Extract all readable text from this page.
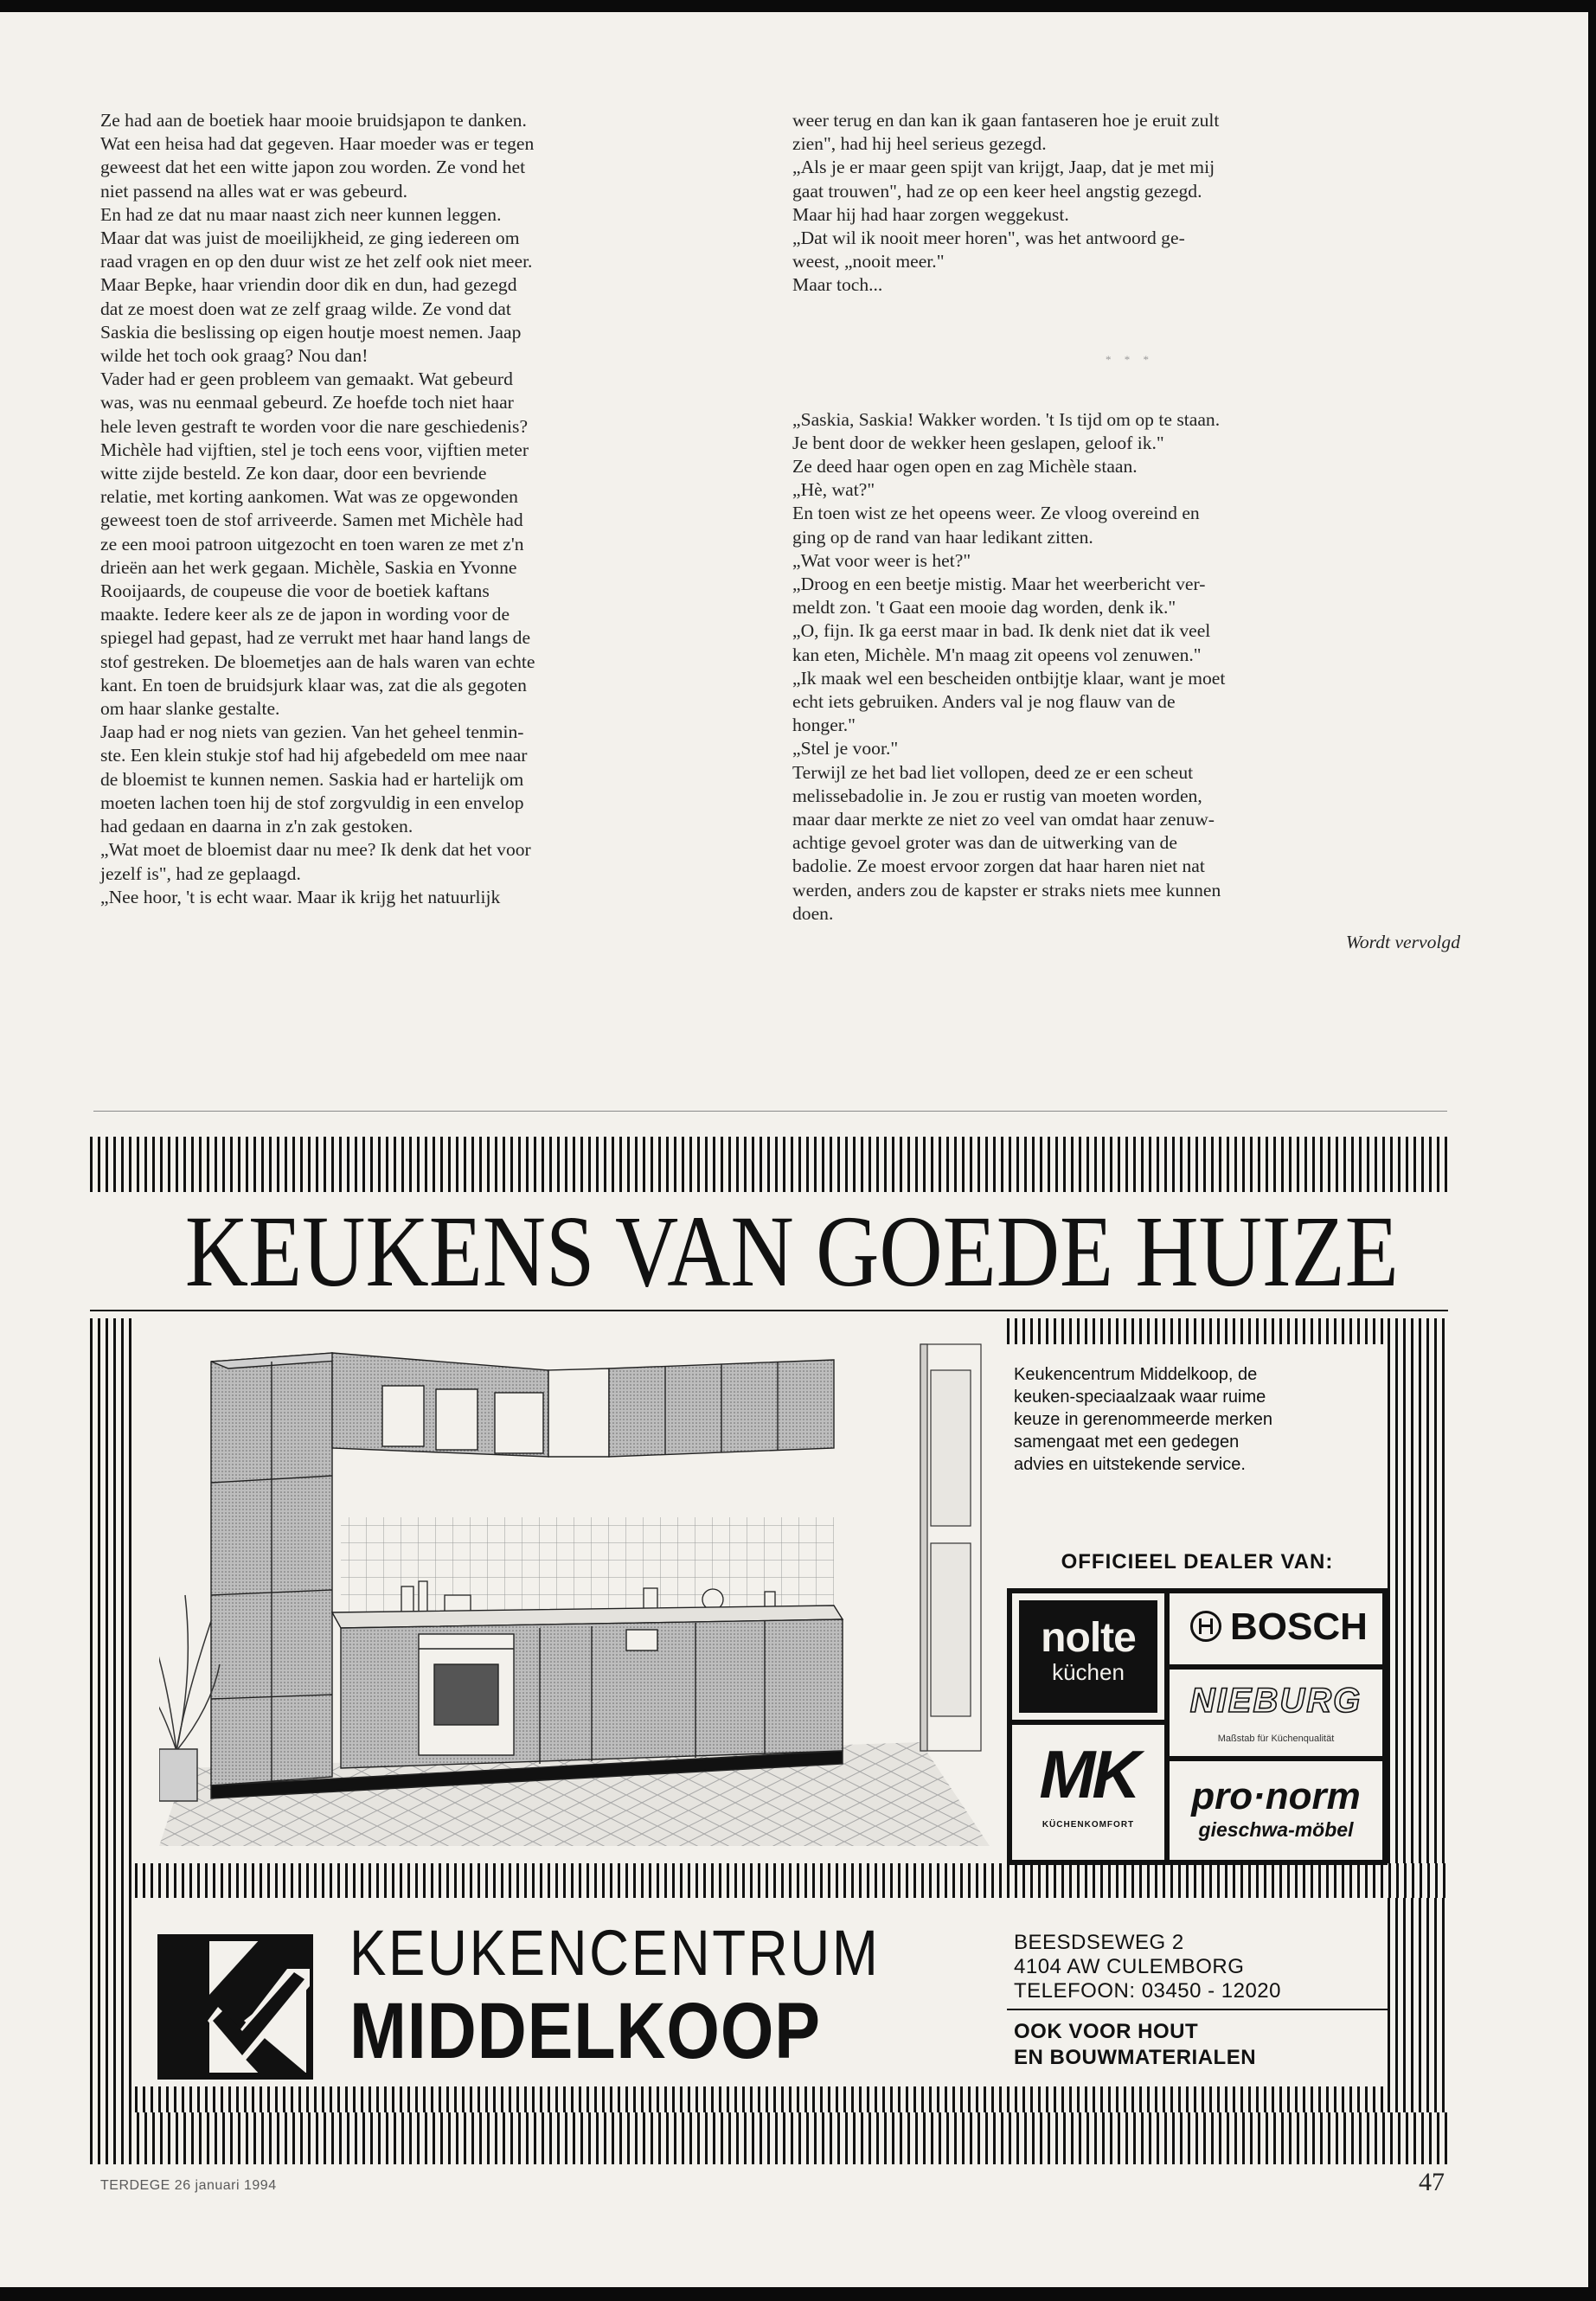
Ze had aan de boetiek haar mooie bruidsjapon te danken.
Wat een heisa had dat gegeven. Haar moeder was er tegen
geweest dat het een witte japon zou worden. Ze vond het
niet passend na alles wat er was gebeurd.
En had ze dat nu maar naast zich neer kunnen leggen.
Maar dat was juist de moeilijkheid, ze ging iedereen om
raad vragen en op den duur wist ze het zelf ook niet meer.
Maar Bepke, haar vriendin door dik en dun, had gezegd
dat ze moest doen wat ze zelf graag wilde. Ze vond dat
Saskia die beslissing op eigen houtje moest nemen. Jaap
wilde het toch ook graag? Nou dan!
Vader had er geen probleem van gemaakt. Wat gebeurd
was, was nu eenmaal gebeurd. Ze hoefde toch niet haar
hele leven gestraft te worden voor die nare geschiedenis?
Michèle had vijftien, stel je toch eens voor, vijftien meter
witte zijde besteld. Ze kon daar, door een bevriende
relatie, met korting aankomen. Wat was ze opgewonden
geweest toen de stof arriveerde. Samen met Michèle had
ze een mooi patroon uitgezocht en toen waren ze met z'n
drieën aan het werk gegaan. Michèle, Saskia en Yvonne
Rooijaards, de coupeuse die voor de boetiek kaftans
maakte. Iedere keer als ze de japon in wording voor de
spiegel had gepast, had ze verrukt met haar hand langs de
stof gestreken. De bloemetjes aan de hals waren van echte
kant. En toen de bruidsjurk klaar was, zat die als gegoten
om haar slanke gestalte.
Jaap had er nog niets van gezien. Van het geheel tenmin-
ste. Een klein stukje stof had hij afgebedeld om mee naar
de bloemist te kunnen nemen. Saskia had er hartelijk om
moeten lachen toen hij de stof zorgvuldig in een envelop
had gedaan en daarna in z'n zak gestoken.
„Wat moet de bloemist daar nu mee? Ik denk dat het voor
jezelf is", had ze geplaagd.
„Nee hoor, 't is echt waar. Maar ik krijg het natuurlijk
weer terug en dan kan ik gaan fantaseren hoe je eruit zult
zien", had hij heel serieus gezegd.
„Als je er maar geen spijt van krijgt, Jaap, dat je met mij
gaat trouwen", had ze op een keer heel angstig gezegd.
Maar hij had haar zorgen weggekust.
„Dat wil ik nooit meer horen", was het antwoord ge-
weest, „nooit meer."
Maar toch...
* * *
„Saskia, Saskia! Wakker worden. 't Is tijd om op te staan.
Je bent door de wekker heen geslapen, geloof ik."
Ze deed haar ogen open en zag Michèle staan.
„Hè, wat?"
En toen wist ze het opeens weer. Ze vloog overeind en
ging op de rand van haar ledikant zitten.
„Wat voor weer is het?"
„Droog en een beetje mistig. Maar het weerbericht ver-
meldt zon. 't Gaat een mooie dag worden, denk ik."
„O, fijn. Ik ga eerst maar in bad. Ik denk niet dat ik veel
kan eten, Michèle. M'n maag zit opeens vol zenuwen."
„Ik maak wel een bescheiden ontbijtje klaar, want je moet
echt iets gebruiken. Anders val je nog flauw van de
honger."
„Stel je voor."
Terwijl ze het bad liet vollopen, deed ze er een scheut
melissebadolie in. Je zou er rustig van moeten worden,
maar daar merkte ze niet zo veel van omdat haar zenuw-
achtige gevoel groter was dan de uitwerking van de
badolie. Ze moest ervoor zorgen dat haar haren niet nat
werden, anders zou de kapster er straks niets mee kunnen
doen.
Wordt vervolgd
KEUKENS VAN GOEDE HUIZE
Keukencentrum Middelkoop, de
keuken-speciaalzaak waar ruime
keuze in gerenommeerde merken
samengaat met een gedegen
advies en uitstekende service.
OFFICIEEL DEALER VAN:
nolte
küchen
BOSCH
NIEBURG
Maßstab für Küchenqualität
MK
KÜCHENKOMFORT
pro·norm
gieschwa-möbel
KEUKENCENTRUM
MIDDELKOOP
BEESDSEWEG 2
4104 AW CULEMBORG
TELEFOON: 03450 - 12020
OOK VOOR HOUT
EN BOUWMATERIALEN
TERDEGE 26 januari 1994	47
